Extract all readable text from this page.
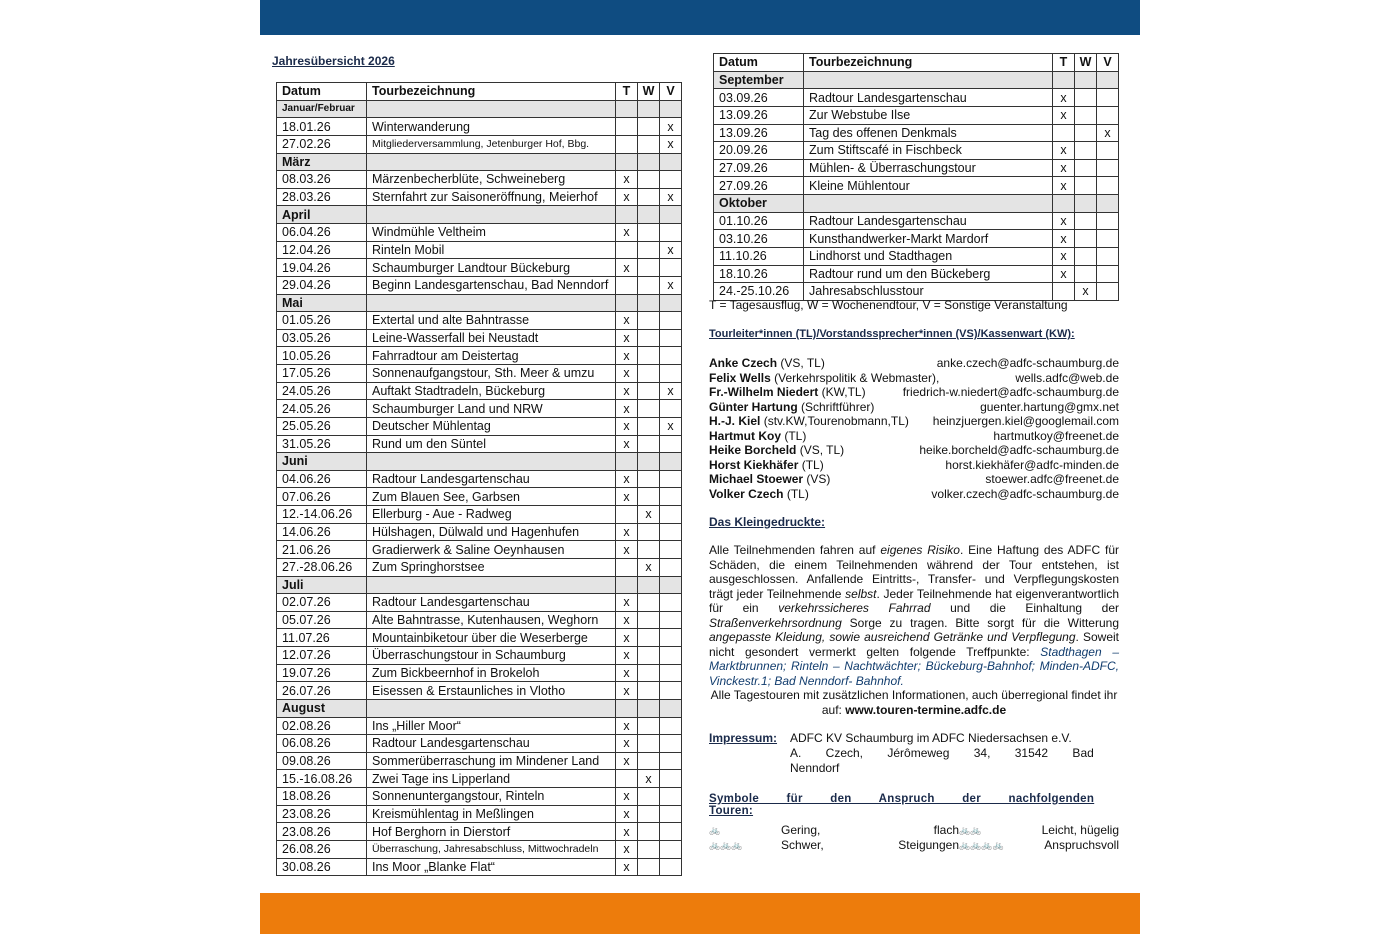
Jahresübersicht 2026
Datum	Tourbezeichnung	T	W	V
Januar/Februar				
18.01.26	Winterwanderung			x
27.02.26	Mitgliederversammlung, Jetenburger Hof, Bbg.			x
März				
08.03.26	Märzenbecherblüte, Schweineberg	x		
28.03.26	Sternfahrt zur Saisoneröffnung, Meierhof	x		x
April				
06.04.26	Windmühle Veltheim	x		
12.04.26	Rinteln Mobil			x
19.04.26	Schaumburger Landtour Bückeburg	x		
29.04.26	Beginn Landesgartenschau, Bad Nenndorf			x
Mai				
01.05.26	Extertal und alte Bahntrasse	x		
03.05.26	Leine-Wasserfall bei Neustadt	x		
10.05.26	Fahrradtour am Deistertag	x		
17.05.26	Sonnenaufgangstour, Sth. Meer & umzu	x		
24.05.26	Auftakt Stadtradeln, Bückeburg	x		x
24.05.26	Schaumburger Land und NRW	x		
25.05.26	Deutscher Mühlentag	x		x
31.05.26	Rund um den Süntel	x		
Juni				
04.06.26	Radtour Landesgartenschau	x		
07.06.26	Zum Blauen See, Garbsen	x		
12.-14.06.26	Ellerburg - Aue - Radweg		x	
14.06.26	Hülshagen, Dülwald und Hagenhufen	x		
21.06.26	Gradierwerk & Saline Oeynhausen	x		
27.-28.06.26	Zum Springhorstsee		x	
Juli				
02.07.26	Radtour Landesgartenschau	x		
05.07.26	Alte Bahntrasse, Kutenhausen, Weghorn	x		
11.07.26	Mountainbiketour über die Weserberge	x		
12.07.26	Überraschungstour in Schaumburg	x		
19.07.26	Zum Bickbeernhof in Brokeloh	x		
26.07.26	Eisessen & Erstaunliches in Vlotho	x		
August				
02.08.26	Ins „Hiller Moor“	x		
06.08.26	Radtour Landesgartenschau	x		
09.08.26	Sommerüberraschung im Mindener Land	x		
15.-16.08.26	Zwei Tage ins Lipperland		x	
18.08.26	Sonnenuntergangstour, Rinteln	x		
23.08.26	Kreismühlentag in Meßlingen	x		
23.08.26	Hof Berghorn in Dierstorf	x		
26.08.26	Überraschung, Jahresabschluss, Mittwochradeln	x		
30.08.26	Ins Moor „Blanke Flat“	x		
Datum	Tourbezeichnung	T	W	V
September				
03.09.26	Radtour Landesgartenschau	x		
13.09.26	Zur Webstube Ilse	x		
13.09.26	Tag des offenen Denkmals			x
20.09.26	Zum Stiftscafé in Fischbeck	x		
27.09.26	Mühlen- & Überraschungstour	x		
27.09.26	Kleine Mühlentour	x		
Oktober				
01.10.26	Radtour Landesgartenschau	x		
03.10.26	Kunsthandwerker-Markt Mardorf	x		
11.10.26	Lindhorst und Stadthagen	x		
18.10.26	Radtour rund um den Bückeberg	x		
24.-25.10.26	Jahresabschlusstour		x	
T = Tagesausflug, W = Wochenendtour, V = Sonstige Veranstaltung
Tourleiter*innen (TL)/Vorstandssprecher*innen (VS)/Kassenwart (KW):
Anke Czech (VS, TL)	anke.czech@adfc-schaumburg.de
Felix Wells (Verkehrspolitik & Webmaster),	wells.adfc@web.de
Fr.-Wilhelm Niedert (KW,TL)	friedrich-w.niedert@adfc-schaumburg.de
Günter Hartung (Schriftführer)	guenter.hartung@gmx.net
H.-J. Kiel (stv.KW,Tourenobmann,TL) heinzjuergen.kiel@googlemail.com
Hartmut Koy (TL)	hartmutkoy@freenet.de
Heike Borcheld (VS, TL)	heike.borcheld@adfc-schaumburg.de
Horst Kiekhäfer (TL)	horst.kiekhäfer@adfc-minden.de
Michael Stoewer (VS)	stoewer.adfc@freenet.de
Volker Czech (TL)	volker.czech@adfc-schaumburg.de
Das Kleingedruckte:
Alle Teilnehmenden fahren auf eigenes Risiko. Eine Haftung des ADFC für Schäden, die einem Teilnehmenden während der Tour entstehen, ist ausgeschlossen. Anfallende Eintritts-, Transfer- und Verpflegungskosten trägt jeder Teilnehmende selbst. Jeder Teilnehmende hat eigenverantwortlich für ein verkehrssicheres Fahrrad und die Einhaltung der Straßenverkehrsordnung Sorge zu tragen. Bitte sorgt für die Witterung angepasste Kleidung, sowie ausreichend Getränke und Verpflegung. Soweit nicht gesondert vermerkt gelten folgende Treffpunkte: Stadthagen – Marktbrunnen; Rinteln – Nachtwächter; Bückeburg-Bahnhof; Minden-ADFC, Vinckestr.1; Bad Nenndorf- Bahnhof.
Alle Tagestouren mit zusätzlichen Informationen, auch überregional findet ihr
auf: www.touren-termine.adfc.de
Impressum:	ADFC KV Schaumburg im ADFC Niedersachsen e.V.
A. Czech, Jérômeweg 34, 31542 Bad Nenndorf
Symbole für den Anspruch der nachfolgenden Touren:
🚲	Gering,	flach 🚲🚲	Leicht, hügelig
🚲🚲🚲	Schwer,	Steigungen 🚲🚲🚲🚲	Anspruchsvoll
